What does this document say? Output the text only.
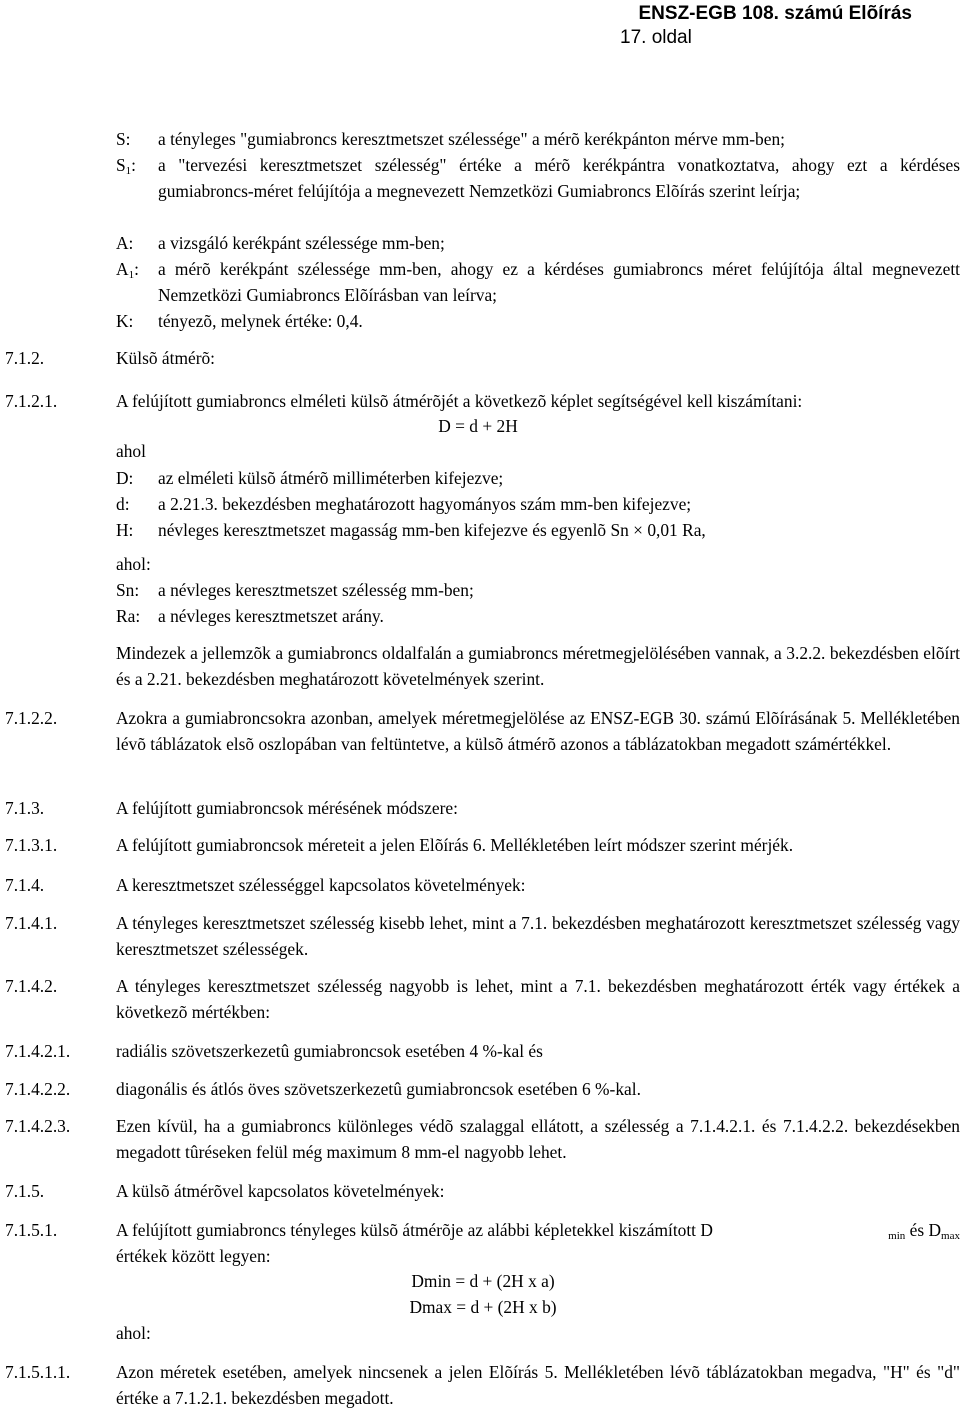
ENSZ-EGB 108. számú Elõírás
17. oldal
S: a tényleges "gumiabroncs keresztmetszet szélessége" a mérõ kerékpánton mérve mm-ben;
$S_1$: a "tervezési keresztmetszet szélesség" értéke a mérõ kerékpántra vonatkoztatva, ahogy ezt a kérdéses gumiabroncs-méret felújítója a megnevezett Nemzetközi Gumiabroncs Elõírás szerint leírja;
A: a vizsgáló kerékpánt szélessége mm-ben;
$A_1$: a mérõ kerékpánt szélessége mm-ben, ahogy ez a kérdéses gumiabroncs méret felújítója által megnevezett Nemzetközi Gumiabroncs Elõírásban van leírva;
K: tényezõ, melynek értéke: 0,4.
7.1.2.	Külsõ átmérõ:
7.1.2.1.	A felújított gumiabroncs elméleti külsõ átmérõjét a következõ képlet segítségével kell kiszámítani:
D = d + 2H
ahol
D: az elméleti külsõ átmérõ milliméterben kifejezve;
d: a 2.21.3. bekezdésben meghatározott hagyományos szám mm-ben kifejezve;
H: névleges keresztmetszet magasság mm-ben kifejezve és egyenlõ Sn × 0,01 Ra,
ahol:
Sn: a névleges keresztmetszet szélesség mm-ben;
Ra: a névleges keresztmetszet arány.
Mindezek a jellemzõk a gumiabroncs oldalfalán a gumiabroncs méretmegjelölésében vannak, a 3.2.2. bekezdésben elõírt és a 2.21. bekezdésben meghatározott követelmények szerint.
7.1.2.2.	Azokra a gumiabroncsokra azonban, amelyek méretmegjelölése az ENSZ-EGB 30. számú Elõírásának 5. Mellékletében lévõ táblázatok elsõ oszlopában van feltüntetve, a külsõ átmérõ azonos a táblázatokban megadott számértékkel.
7.1.3.	A felújított gumiabroncsok mérésének módszere:
7.1.3.1.	A felújított gumiabroncsok méreteit a jelen Elõírás 6. Mellékletében leírt módszer szerint mérjék.
7.1.4.	A keresztmetszet szélességgel kapcsolatos követelmények:
7.1.4.1.	A tényleges keresztmetszet szélesség kisebb lehet, mint a 7.1. bekezdésben meghatározott keresztmetszet szélesség vagy keresztmetszet szélességek.
7.1.4.2.	A tényleges keresztmetszet szélesség nagyobb is lehet, mint a 7.1. bekezdésben meghatározott érték vagy értékek a következõ mértékben:
7.1.4.2.1.	radiális szövetszerkezetû gumiabroncsok esetében 4 %-kal és
7.1.4.2.2.	diagonális és átlós öves szövetszerkezetû gumiabroncsok esetében 6 %-kal.
7.1.4.2.3.	Ezen kívül, ha a gumiabroncs különleges védõ szalaggal ellátott, a szélesség a 7.1.4.2.1. és 7.1.4.2.2. bekezdésekben megadott tûréseken felül még maximum 8 mm-el nagyobb lehet.
7.1.5.	A külsõ átmérõvel kapcsolatos követelmények:
7.1.5.1.	A felújított gumiabroncs tényleges külsõ átmérõje az alábbi képletekkel kiszámított D	$_{min}$ és $D_{max}$
értékek között legyen:
Dmin = d + (2H x a)
Dmax = d + (2H x b)
ahol:
7.1.5.1.1.	Azon méretek esetében, amelyek nincsenek a jelen Elõírás 5. Mellékletében lévõ táblázatokban megadva, "H" és "d" értéke a 7.1.2.1. bekezdésben megadott.
